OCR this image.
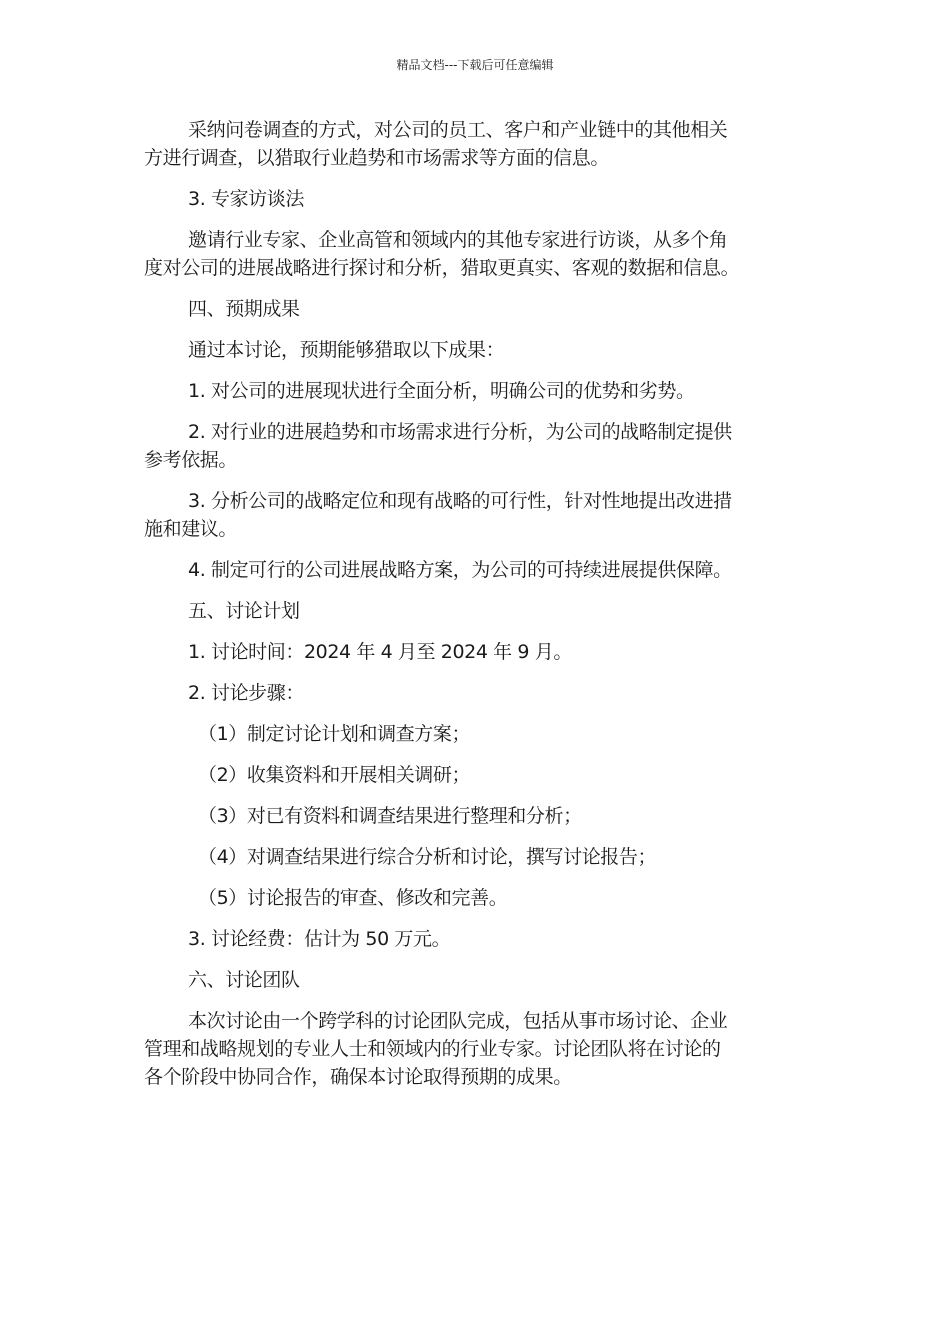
精品文档---下载后可任意编辑

采纳问卷调查的方式，对公司的员工、客户和产业链中的其他相关
方进行调查，以猎取行业趋势和市场需求等方面的信息。

3. 专家访谈法

邀请行业专家、企业高管和领域内的其他专家进行访谈，从多个角
度对公司的进展战略进行探讨和分析，猎取更真实、客观的数据和信息。

四、预期成果

通过本讨论，预期能够猎取以下成果：

1. 对公司的进展现状进行全面分析，明确公司的优势和劣势。

2. 对行业的进展趋势和市场需求进行分析，为公司的战略制定提供
参考依据。

3. 分析公司的战略定位和现有战略的可行性，针对性地提出改进措
施和建议。

4. 制定可行的公司进展战略方案，为公司的可持续进展提供保障。

五、讨论计划

1. 讨论时间：2024 年 4 月至 2024 年 9 月。

2. 讨论步骤：

（1）制定讨论计划和调查方案；

（2）收集资料和开展相关调研；

（3）对已有资料和调查结果进行整理和分析；

（4）对调查结果进行综合分析和讨论，撰写讨论报告；

（5）讨论报告的审查、修改和完善。

3. 讨论经费：估计为 50 万元。

六、讨论团队

本次讨论由一个跨学科的讨论团队完成，包括从事市场讨论、企业
管理和战略规划的专业人士和领域内的行业专家。讨论团队将在讨论的
各个阶段中协同合作，确保本讨论取得预期的成果。
